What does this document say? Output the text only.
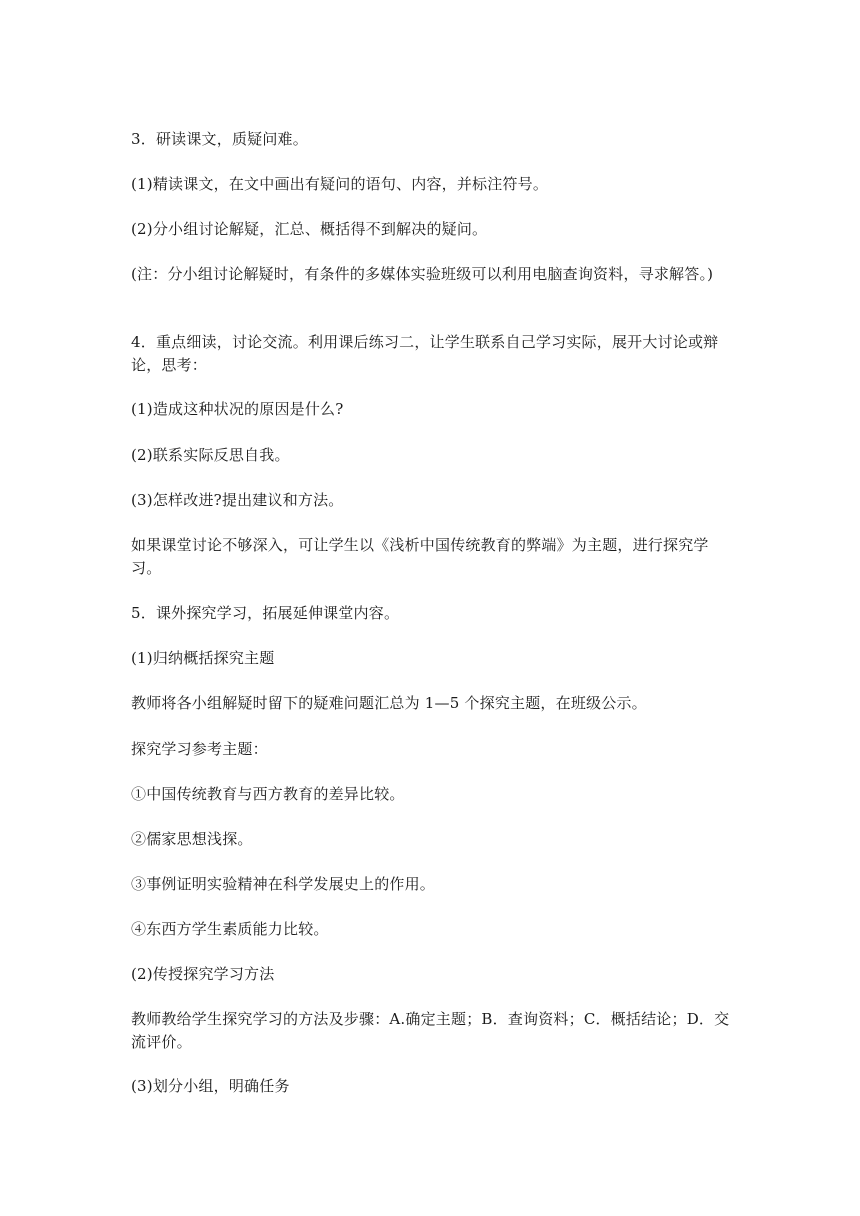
3．研读课文，质疑问难。

(1)精读课文，在文中画出有疑问的语句、内容，并标注符号。

(2)分小组讨论解疑，汇总、概括得不到解决的疑问。

(注：分小组讨论解疑时，有条件的多媒体实验班级可以利用电脑查询资料，寻求解答。)

4．重点细读，讨论交流。利用课后练习二，让学生联系自己学习实际，展开大讨论或辩论，思考：

(1)造成这种状况的原因是什么?

(2)联系实际反思自我。

(3)怎样改进?提出建议和方法。

如果课堂讨论不够深入，可让学生以《浅析中国传统教育的弊端》为主题，进行探究学习。

5．课外探究学习，拓展延伸课堂内容。

(1)归纳概括探究主题

教师将各小组解疑时留下的疑难问题汇总为 1—5 个探究主题，在班级公示。

探究学习参考主题：

①中国传统教育与西方教育的差异比较。

②儒家思想浅探。

③事例证明实验精神在科学发展史上的作用。

④东西方学生素质能力比较。

(2)传授探究学习方法

教师教给学生探究学习的方法及步骤：A.确定主题；B．查询资料；C．概括结论；D．交流评价。

(3)划分小组，明确任务
